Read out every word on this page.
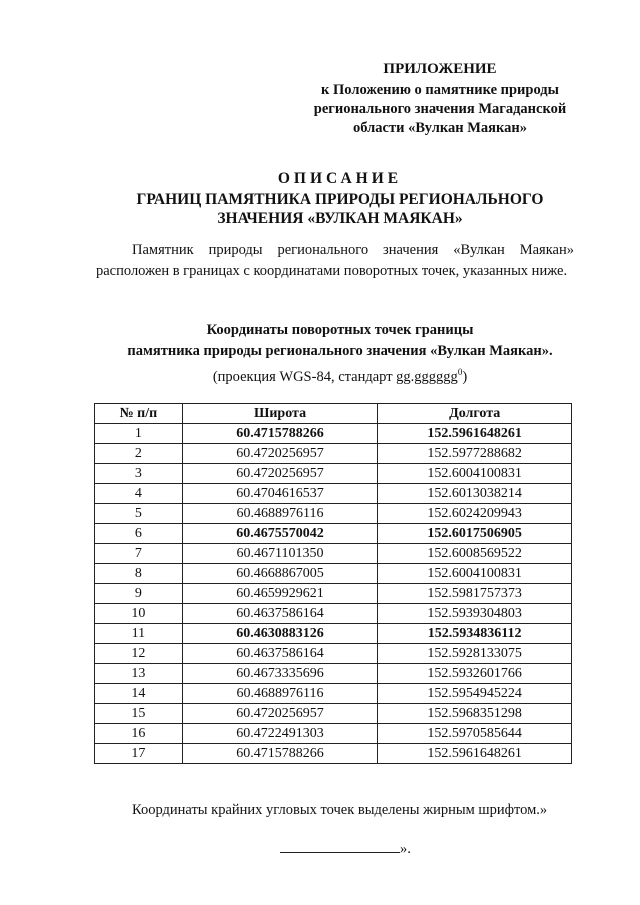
ПРИЛОЖЕНИЕ
к Положению о памятнике природы
регионального значения Магаданской
области «Вулкан Маякан»
ОПИСАНИЕ
ГРАНИЦ ПАМЯТНИКА ПРИРОДЫ РЕГИОНАЛЬНОГО
ЗНАЧЕНИЯ «ВУЛКАН МАЯКАН»
Памятник природы регионального значения «Вулкан Маякан» расположен в границах с координатами поворотных точек, указанных ниже.
Координаты поворотных точек границы
памятника природы регионального значения «Вулкан Маякан».
(проекция WGS-84, стандарт gg.gggggg$^0$)
№ п/п	Широта	Долгота
1	60.4715788266	152.5961648261
2	60.4720256957	152.5977288682
3	60.4720256957	152.6004100831
4	60.4704616537	152.6013038214
5	60.4688976116	152.6024209943
6	60.4675570042	152.6017506905
7	60.4671101350	152.6008569522
8	60.4668867005	152.6004100831
9	60.4659929621	152.5981757373
10	60.4637586164	152.5939304803
11	60.4630883126	152.5934836112
12	60.4637586164	152.5928133075
13	60.4673335696	152.5932601766
14	60.4688976116	152.5954945224
15	60.4720256957	152.5968351298
16	60.4722491303	152.5970585644
17	60.4715788266	152.5961648261
Координаты крайних угловых точек выделены жирным шрифтом.»
».
